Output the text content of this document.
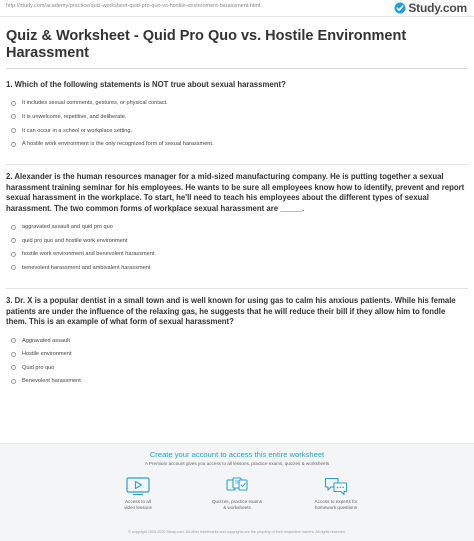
http://study.com/academy/practice/quiz-worksheet-quid-pro-quo-vs-hostile-environment-harassment.html	Study.com
Quiz & Worksheet - Quid Pro Quo vs. Hostile Environment Harassment

1. Which of the following statements is NOT true about sexual harassment?

It includes sexual comments, gestures, or physical contact.
It is unwelcome, repetitive, and deliberate.
It can occur in a school or workplace setting.
A hostile work environment is the only recognized form of sexual harassment.

2. Alexander is the human resources manager for a mid-sized manufacturing company. He is putting together a sexual harassment training seminar for his employees. He wants to be sure all employees know how to identify, prevent and report sexual harassment in the workplace. To start, he'll need to teach his employees about the different types of sexual harassment. The two common forms of workplace sexual harassment are _____.

aggravated assault and quid pro quo
quid pro quo and hostile work environment
hostile work environment and benevolent harassment
benevolent harassment and ambivalent harassment

3. Dr. X is a popular dentist in a small town and is well known for using gas to calm his anxious patients. While his female patients are under the influence of the relaxing gas, he suggests that he will reduce their bill if they allow him to fondle them. This is an example of what form of sexual harassment?

Aggravated assault
Hostile environment
Quid pro quo
Benevolent harassment
Create your account to access this entire worksheet
A Premium account gives you access to all lessons, practice exams, quizzes & worksheets
Access to all
video lessons
Quizzes, practice exams
& worksheets
Access to experts for
homework questions
© copyright 2003-2020 Study.com. All other trademarks and copyrights are the property of their respective owners. All rights reserved.
